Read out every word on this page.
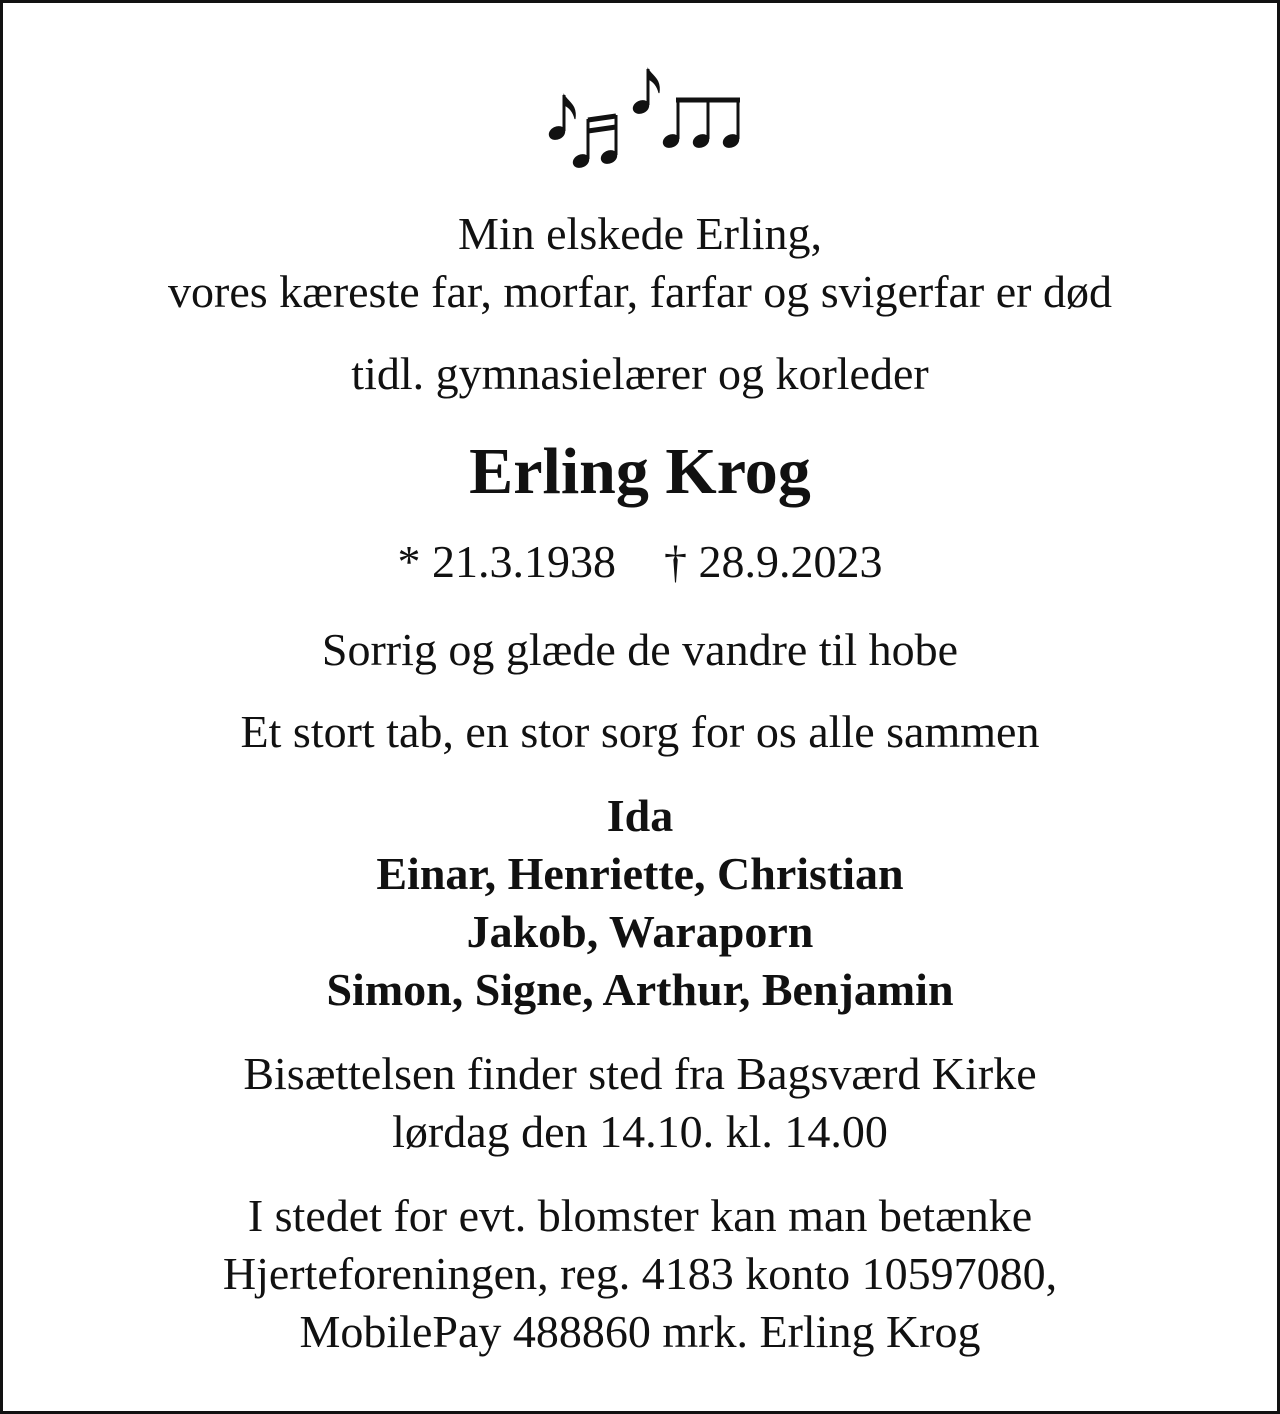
Min elskede Erling,
vores kæreste far, morfar, farfar og svigerfar er død
tidl. gymnasielærer og korleder
Erling Krog
* 21.3.1938 † 28.9.2023
Sorrig og glæde de vandre til hobe
Et stort tab, en stor sorg for os alle sammen
Ida
Einar, Henriette, Christian
Jakob, Waraporn
Simon, Signe, Arthur, Benjamin
Bisættelsen finder sted fra Bagsværd Kirke
lørdag den 14.10. kl. 14.00
I stedet for evt. blomster kan man betænke
Hjerteforeningen, reg. 4183 konto 10597080,
MobilePay 488860 mrk. Erling Krog
